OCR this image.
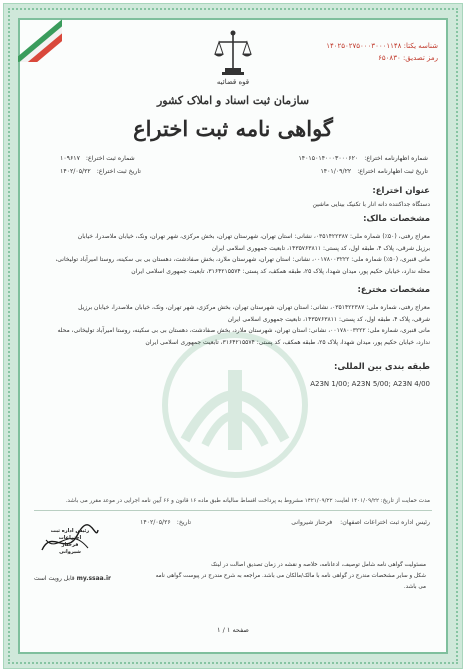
شناسه یکتا: ۱۴۰۲۵۰۲۷۵۰۰۰۳۰۰۰۱۱۴۸
رمز تصدیق: ۶۵۰۸۳۰
قوه قضائیه
سازمان ثبت اسناد و املاک کشور
گواهی نامه ثبت اختراع
شماره اظهارنامه اختراع: ۱۴۰۱۵۰۱۴۰۰۰۳۰۰۰۶۲۰
شماره ثبت اختراع: ۱۰۹۶۱۷
تاریخ ثبت اظهارنامه اختراع: ۱۴۰۱/۰۹/۲۲
تاریخ ثبت اختراع: ۱۴۰۲/۰۵/۲۲
عنوان اختراع:
دستگاه جداکننده دانه انار با تکنیک بینایی ماشین
مشخصات مالک:
معراج رفتی، (۵۰٪) شماره ملی: ۰۳۵۱۴۲۲۳۸۷، نشانی: استان تهران، شهرستان تهران، بخش مرکزی، شهر تهران، ونک، خیابان ملاصدرا، خیابان
برزیل شرقی، پلاک ۴، طبقه اول، کد پستی: ۱۴۳۵۷۶۳۸۱۱، تابعیت جمهوری اسلامی ایران
مانی قنبری، (۵۰٪) شماره ملی: ۰۰۱۷۸۰۰۳۲۲۲، نشانی: استان تهران، شهرستان ملارد، بخش صفادشت، دهستان بی بی سکینه، روستا امیرآباد تولیخانی،
محله ندارد، خیابان حکیم پور، میدان شهدا، پلاک ۲۵، طبقه همکف، کد پستی: ۳۱۶۴۲۱۵۵۷۴، تابعیت جمهوری اسلامی ایران
مشخصات مخترع:
معراج رفتی، شماره ملی: ۰۳۵۱۴۲۲۳۸۷، نشانی: استان تهران، شهرستان تهران، بخش مرکزی، شهر تهران، ونک، خیابان ملاصدرا، خیابان برزیل
شرقی، پلاک ۴، طبقه اول، کد پستی: ۱۴۳۵۷۶۳۸۱۱، تابعیت جمهوری اسلامی ایران
مانی قنبری، شماره ملی: ۰۰۱۷۸۰۰۳۲۲۲، نشانی: استان تهران، شهرستان ملارد، بخش صفادشت، دهستان بی بی سکینه، روستا امیرآباد تولیخانی، محله
ندارد، خیابان حکیم پور، میدان شهدا، پلاک ۲۵، طبقه همکف، کد پستی: ۳۱۶۴۲۱۵۵۷۴، تابعیت جمهوری اسلامی ایران
طبقه بندی بین المللی:
A23N 1/00; A23N 5/00; A23N 4/00
مدت حمایت از تاریخ: ۱۴۰۱/۰۹/۲۲ لغایت: ۱۴۲۱/۰۹/۲۲ مشروط به پرداخت اقساط سالیانه طبق ماده ۱۶ قانون و ۶۶ آیین نامه اجرایی در موعد مقرر می باشد.
رئیس اداره ثبت اختراعات اصفهان: فرحناز شیروانی
تاریخ: ۱۴۰۲/۰۵/۲۶
رئیس اداره ثبت اختراعات
فرحناز
شیروانی
مسئولیت گواهی نامه شامل توصیف، ادعانامه، خلاصه و نقشه در زمان تصدیق اصالت در لینک
شکل و سایر مشخصات مندرج در گواهی نامه با مالک/مالکان می باشد. مراجعه به شرح مندرج در پیوست گواهی نامه می باشد.
my.ssaa.ir قابل رویت است
صفحه ۱ / ۱
